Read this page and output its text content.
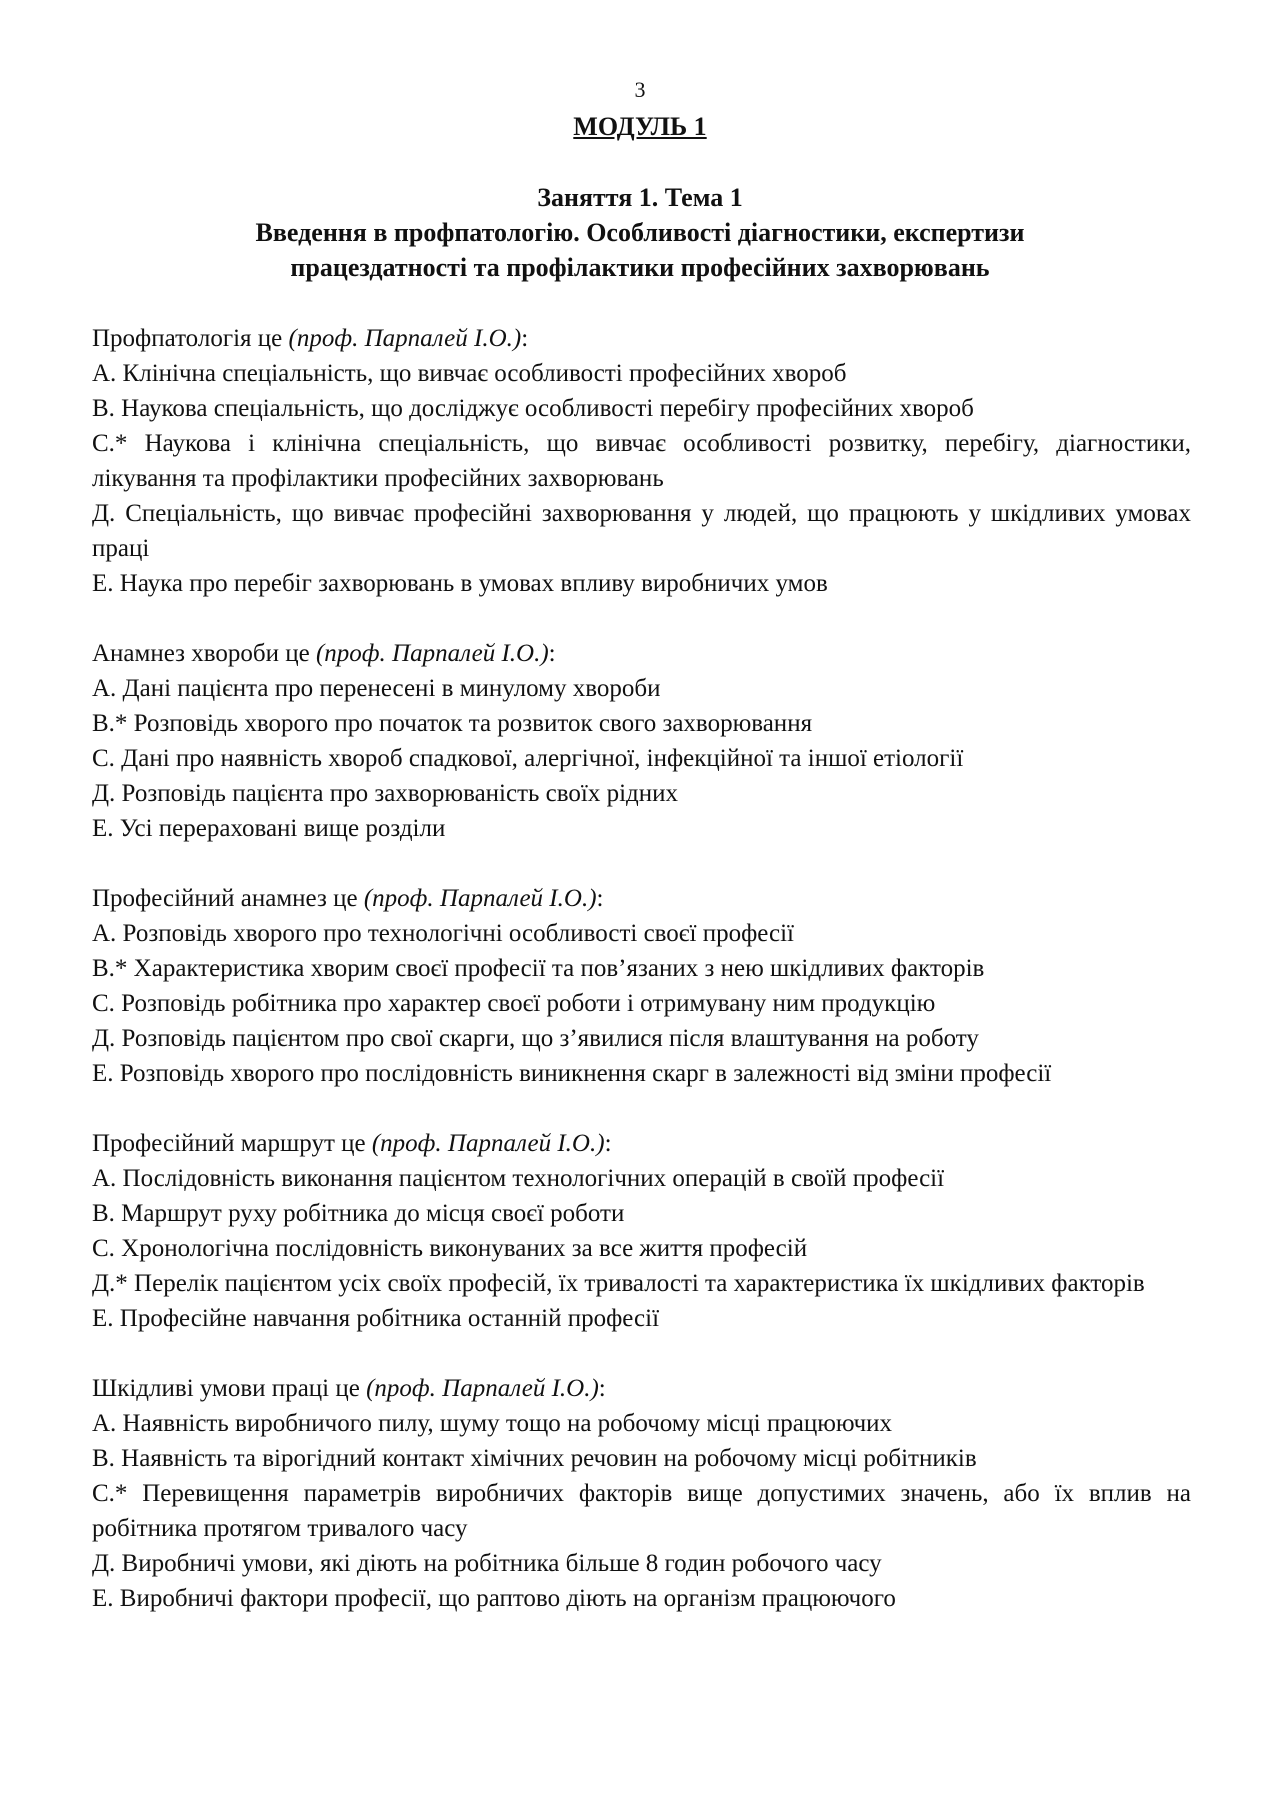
3
МОДУЛЬ 1
Заняття 1. Тема 1
Введення в профпатологію. Особливості діагностики, експертизи
працездатності та профілактики професійних захворювань
Профпатологія це (проф. Парпалей І.О.):
А. Клінічна спеціальність, що вивчає особливості професійних хвороб
В. Наукова спеціальність, що досліджує особливості перебігу професійних хвороб
С.* Наукова і клінічна спеціальність, що вивчає особливості розвитку, перебігу, діагностики, лікування та профілактики професійних захворювань
Д. Спеціальність, що вивчає професійні захворювання у людей, що працюють у шкідливих умовах праці
Е. Наука про перебіг захворювань в умовах впливу виробничих умов
Анамнез хвороби це (проф. Парпалей І.О.):
А. Дані пацієнта про перенесені в минулому хвороби
В.* Розповідь хворого про початок та розвиток свого захворювання
С. Дані про наявність хвороб спадкової, алергічної, інфекційної та іншої етіології
Д. Розповідь пацієнта про захворюваність своїх рідних
Е. Усі перераховані вище розділи
Професійний анамнез це (проф. Парпалей І.О.):
А. Розповідь хворого про технологічні особливості своєї професії
В.* Характеристика хворим своєї професії та пов’язаних з нею шкідливих факторів
С. Розповідь робітника про характер своєї роботи і отримувану ним продукцію
Д. Розповідь пацієнтом про свої скарги, що з’явилися після влаштування на роботу
Е. Розповідь хворого про послідовність виникнення скарг в залежності від зміни професії
Професійний маршрут це (проф. Парпалей І.О.):
А. Послідовність виконання пацієнтом технологічних операцій в своїй професії
В. Маршрут руху робітника до місця своєї роботи
С. Хронологічна послідовність виконуваних за все життя професій
Д.* Перелік пацієнтом усіх своїх професій, їх тривалості та характеристика їх шкідливих факторів
Е. Професійне навчання робітника останній професії
Шкідливі умови праці це (проф. Парпалей І.О.):
А. Наявність виробничого пилу, шуму тощо на робочому місці працюючих
В. Наявність та вірогідний контакт хімічних речовин на робочому місці робітників
С.* Перевищення параметрів виробничих факторів вище допустимих значень, або їх вплив на робітника протягом тривалого часу
Д. Виробничі умови, які діють на робітника більше 8 годин робочого часу
Е. Виробничі фактори професії, що раптово діють на організм працюючого
